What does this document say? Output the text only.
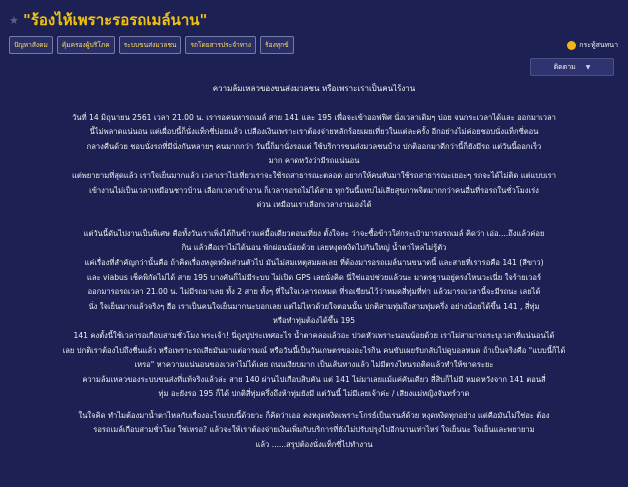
★ "ร้องไห้เพราะรอรถเมล์นาน"
ปัญหาสังคม	คุ้มครองผู้บริโภค	ระบบขนส่งมวลชน	รถโดยสารประจำทาง	ร้องทุกข์	กระทู้สนทนา
ติดตาม ▼
ความล้มเหลวของขนส่งมวลชน หรือเพราะเราเป็นคนไร้งาน
วันที่ 14 มิถุนายน 2561 เวลา 21.00 น. เรารอคนหารถเมล์ สาย 141 และ 195 เพื่อจะเข้าออฟฟิศ นั่งเวลาเดิมๆ บ่อย จนกระเวลาได้และ ออกมาเวลา
นี้ไม่พลาดแน่นอน แต่เผื่อบนี้ก็นั่งแท็กซี่บ่อยแล้ว เปลืองเงินเพราะเราต้องจ่ายหลักร้อยเผยเที่ยวในแต่ละครั้ง อีกอย่างไม่ค่อยชอบนั่งแท็กซี่ตอน
กลางคืนด้วย ชอบนั่งรถที่มีนั่งกันหลายๆ คนมากกว่า วันนี้ก็มานั่งรอแต่ ใช้บริการขนส่งมวลชนบ้าง ปกติออกมาดีกว่านี้ก็ยังมีรถ แต่วันนี้ออกเร็ว
มาก คาดหวังว่ามีรถแน่นอน
แต่พยายามที่สุดแล้ว เราใจเย็นมากแล้ว เวลาเราไปเที่ยวเราจะใช้รถสาธารณะตลอด อยากให้คนหันมาใช้รถสาธารณะเยอะๆ รถจะได้ไม่ติด แต่แบบเรา
เข้างานไม่เป็นเวลาเหมือนชาวบ้าน เลือกเวลาเข้างาน ก็เวลารอรถไม่ได้สาย ทุกวันนี้แทบไม่เสียสุขภาพจิตมากกว่าคนอื่นที่รอรถในชั่วโมงเร่ง
ด่วน เหมือนเราเลือกเวลางานเองได้
แต่วันนี้ดันไปงานเป็นพิเศษ คือทั้งวันเราเพิ่งได้กินข้าวแค่มื้อเดียวตอนเที่ยง ตั้งใจละ ว่าจะซื้อข้าวใส่กระเป๋ามารอรถเมล์ คิดว่า เอ่อ....ถึงแล้วค่อย
กิน แล้วคือเราไม่ได้นอน พักผ่อนน้อยด้วย เลยหงุดหงิดไปกันใหญ่ น้ำตาไหลไม่รู้ตัว
แค่เรื่องที่สำคัญกว่านั้นคือ ถ้าคิดเรื่องหงุดหงิดส่วนตัวไป มันไม่สมเหตุสมผลเลย ที่ต้องมารอรถเมล์นานขนาดนี้ และสายที่เรารอคือ 141 (สีขาว)
และ viabus เช็คพิกัดไม่ได้ สาย 195 บางคันก็ไม่มีระบบ ไม่เปิด GPS เลยนั่งคิด นี่ใช่แอปช่วยแล้วนะ มาตรฐานอยู่ตรงไหนวะเนี่ย ใจร้ายเวอร์
ออกมารอรถเวลา 21.00 น. ไม่มีรถมาเลย ทั้ง 2 สาย ทั้งๆ ที่ในใจเวลารถหมด ที่รอเขียนไว้ว่าหมดสี่ทุ่มที่ท่า แล้วมารถเวลานี้จะมีรถนะ เลยได้
นั่ง ใจเย็นมากแล้วจริงๆ ฮือ เราเป็นคนใจเย็นมากนะบอกเลย แต่ไม่ไหวด้วยใจตอนนั้น ปกติสามทุ่มถึงสามทุ่มครึ่ง อย่างน้อยได้ขึ้น 141 , สี่ทุ่ม
หรือทำทุ่มต้องได้ขึ้น 195
141 คงตั้งนี้ใช้เวลารอเกือบสามชั่วโมง พระเจ้า! นี่ถูงปูประเทศอะไร น้ำตาคลอแล้วอะ ปวดหัวเพราะนอนน้อยด้วย เราไม่สามารถระบุเวลาที่แน่นอนได้
เลย ปกติเราต้องไปถึงชื่นแล้ว หรือเพราะรถเสียมันมาแต่อารมณ์ หรือวันนี้เป็นวันเกษตรของอะไรกิน คนขับเผยรับกลับไปดูบอลหมด ถ้าเป็นจริงคือ "แบบนี้ก็ได้
เหรอ" หาความแน่นอนของเวลาไม่ได้เลย ถนนเงียบมาก เป็นเส้นทางแล้ว ไม่มีตรงไหนรถติดแล้วทำให้ขาดระยะ
ความล้มเหลวของระบบขนส่งที่แท้จริงแล้วล่ะ สาย 140 ผ่านไปเกือบสิบคัน แต่ 141 ไม่มาเลยแม้แค่คันเดียว สี่สิบก็ไม่มี หมดหวังจาก 141 ตอนสี่
ทุ่ม อะยังรอ 195 ก็ได้ ปกติสี่ทุ่มครึ่งถึงห้าทุ่มยังมี แต่วันนี้ ไม่มีเลยเจ้าค่ะ / เสียงแม่หญิงจันทร์วาด
ในใจคิด ทำไมต้องมาน้ำตาไหลกับเรื่องอะไรแบบนี้ด้วยวะ ก็คิดว่าเออ คงหงุดหงิดเพราะโกรธ์เป็นเรนส์ด้วย หงุดหงิดทุกอย่าง แต่คือมันไม่ใช่อะ ต้อง
รอรถเมล์เกือบสามชั่วโมง ใช่เหรอ? แล้วจะให้เราต้องจ่ายเงินเพิ่มกับบริการที่ยังไม่ปรับปรุงไปอีกนานเท่าไหร่ ใจเย็นนะ ใจเย็นและพยายาม
แล้ว ......สรุปต้องนั่งแท็กซี่ไปทำงาน
